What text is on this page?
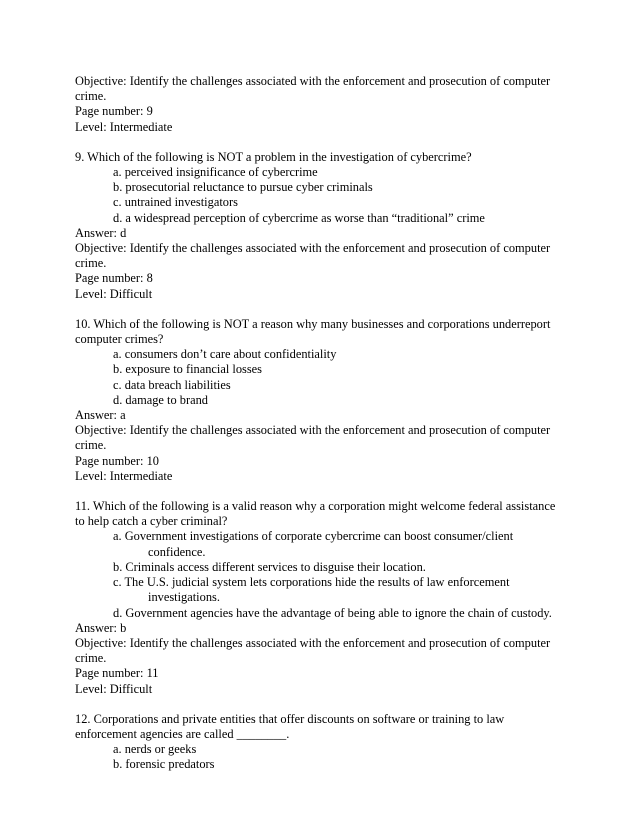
Objective: Identify the challenges associated with the enforcement and prosecution of computer
crime.
Page number: 9
Level: Intermediate
9. Which of the following is NOT a problem in the investigation of cybercrime?
a. perceived insignificance of cybercrime
b. prosecutorial reluctance to pursue cyber criminals
c. untrained investigators
d. a widespread perception of cybercrime as worse than “traditional” crime
Answer: d
Objective: Identify the challenges associated with the enforcement and prosecution of computer
crime.
Page number: 8
Level: Difficult
10. Which of the following is NOT a reason why many businesses and corporations underreport
computer crimes?
a. consumers don’t care about confidentiality
b. exposure to financial losses
c. data breach liabilities
d. damage to brand
Answer: a
Objective: Identify the challenges associated with the enforcement and prosecution of computer
crime.
Page number: 10
Level: Intermediate
11. Which of the following is a valid reason why a corporation might welcome federal assistance
to help catch a cyber criminal?
a. Government investigations of corporate cybercrime can boost consumer/client
confidence.
b. Criminals access different services to disguise their location.
c. The U.S. judicial system lets corporations hide the results of law enforcement
investigations.
d. Government agencies have the advantage of being able to ignore the chain of custody.
Answer: b
Objective: Identify the challenges associated with the enforcement and prosecution of computer
crime.
Page number: 11
Level: Difficult
12. Corporations and private entities that offer discounts on software or training to law
enforcement agencies are called ________.
a. nerds or geeks
b. forensic predators
